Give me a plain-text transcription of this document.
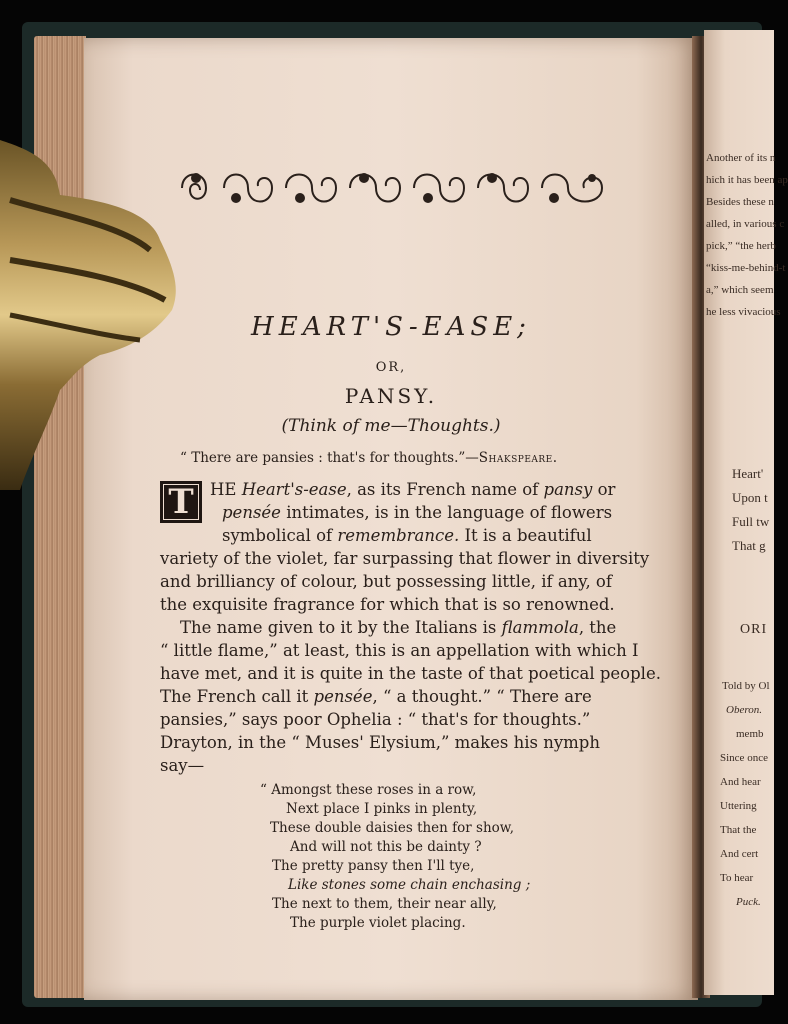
HEART'S-EASE;
OR,
PANSY.
(Think of me—Thoughts.)
“ There are pansies : that's for thoughts.”—Shakspeare.
T HE Heart's-ease, as its French name of pansy or
pensée intimates, is in the language of flowers
symbolical of remembrance. It is a beautiful
variety of the violet, far surpassing that flower in diversity
and brilliancy of colour, but possessing little, if any, of
the exquisite fragrance for which that is so renowned.
The name given to it by the Italians is flammola, the
“ little flame,” at least, this is an appellation with which I
have met, and it is quite in the taste of that poetical people.
The French call it pensée, “ a thought.” “ There are
pansies,” says poor Ophelia : “ that's for thoughts.”
Drayton, in the “ Muses' Elysium,” makes his nymph
say—
“ Amongst these roses in a row,
Next place I pinks in plenty,
These double daisies then for show,
And will not this be dainty ?
The pretty pansy then I'll tye,
Like stones some chain enchasing ;
The next to them, their near ally,
The purple violet placing.
Another of its n
hich it has been ap
Besides these n
alled, in various c
pick,” “the herb
“kiss-me-behind-t
a,” which seem
he less vivacious
Heart'
Upon t
Full tw
That g
ORI
Told by Ol
Oberon.
memb
Since once
And hear
Uttering
That the
And cert
To hear
Puck.
